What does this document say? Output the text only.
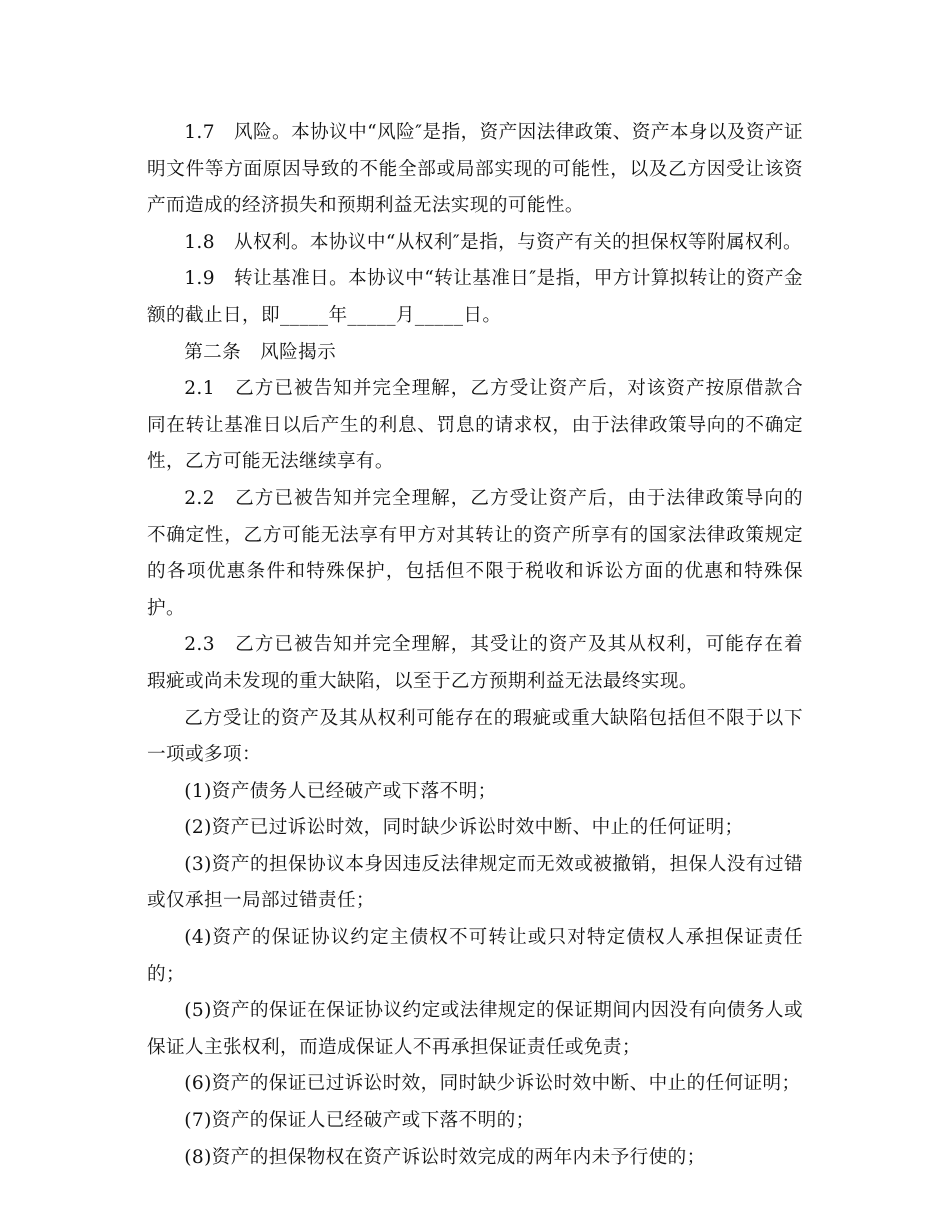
1.7　风险。本协议中“风险″是指，资产因法律政策、资产本身以及资产证明文件等方面原因导致的不能全部或局部实现的可能性，以及乙方因受让该资产而造成的经济损失和预期利益无法实现的可能性。

1.8　从权利。本协议中“从权利″是指，与资产有关的担保权等附属权利。

1.9　转让基准日。本协议中“转让基准日″是指，甲方计算拟转让的资产金额的截止日，即_____年_____月_____日。

第二条　风险揭示

2.1　乙方已被告知并完全理解，乙方受让资产后，对该资产按原借款合同在转让基准日以后产生的利息、罚息的请求权，由于法律政策导向的不确定性，乙方可能无法继续享有。

2.2　乙方已被告知并完全理解，乙方受让资产后，由于法律政策导向的不确定性，乙方可能无法享有甲方对其转让的资产所享有的国家法律政策规定的各项优惠条件和特殊保护，包括但不限于税收和诉讼方面的优惠和特殊保护。

2.3　乙方已被告知并完全理解，其受让的资产及其从权利，可能存在着瑕疵或尚未发现的重大缺陷，以至于乙方预期利益无法最终实现。

乙方受让的资产及其从权利可能存在的瑕疵或重大缺陷包括但不限于以下一项或多项：

(1)资产债务人已经破产或下落不明；

(2)资产已过诉讼时效，同时缺少诉讼时效中断、中止的任何证明；

(3)资产的担保协议本身因违反法律规定而无效或被撤销，担保人没有过错或仅承担一局部过错责任；

(4)资产的保证协议约定主债权不可转让或只对特定债权人承担保证责任的；

(5)资产的保证在保证协议约定或法律规定的保证期间内因没有向债务人或保证人主张权利，而造成保证人不再承担保证责任或免责；

(6)资产的保证已过诉讼时效，同时缺少诉讼时效中断、中止的任何证明；

(7)资产的保证人已经破产或下落不明的；

(8)资产的担保物权在资产诉讼时效完成的两年内未予行使的；
